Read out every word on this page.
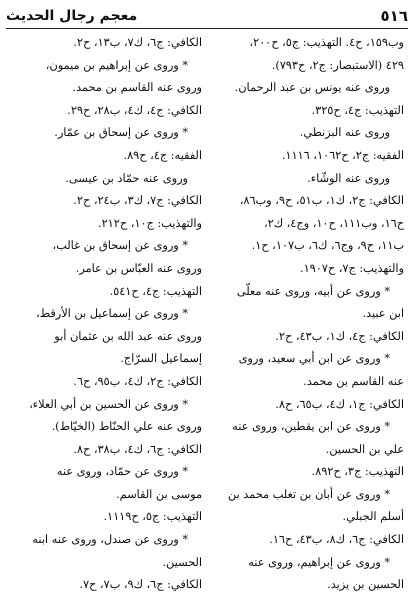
٥١٦
معجم رجال الحديث
وب١٥٩، ح٤. التهذيب: ج٥، ح٢٠٠،
٤٢٩ (الاستبصار: ج٢، ح٧٩٣).
وروى عنه يونس بن عبد الرحمان.
التهذيب: ج٤، ح٣٢٥.
وروى عنه البزنطي.
الفقيه: ج٢، ح١٠٦٢، ١١١٦.
وروى عنه الوشّاء.
الكافي: ج٢، ك١، ب٥١، ح٩، وب٨٦،
ح١٦، وب١١١، ح١٠، وج٤، ك٢،
ب١١، ح٩، وج٦، ك٦، ب١٠٧، ح١.
والتهذيب: ج٧، ح١٩٠٧.
* وروى عن أبيه، وروى عنه معلّى
ابن عبيد.
الكافي: ج٤، ك١، ب٤٣، ح٢.
* وروى عن ابن أبي سعيد، وروى
عنه القاسم بن محمد.
الكافي: ج١، ك٤، ب٦٥، ح٨.
* وروى عن ابن يقطين، وروى عنه
علي بن الحسين.
التهذيب: ج٣، ح٨٩٢.
* وروى عن أبان بن تغلب محمد بن
أسلم الجبلي.
الكافي: ج٦، ك٨، ب٤٣، ح١٦.
* وروى عن إبراهيم، وروى عنه
الحسين بن يزيد.
الكافي: ج٦، ك٧، ب١٣، ح٢.
* وروى عن إبراهيم بن ميمون،
وروى عنه القاسم بن محمد.
الكافي: ج٤، ك٤، ب٢٨، ح٢٩.
* وروى عن إسحاق بن عمّار.
الفقيه: ج٤، ح٨٩.
وروى عنه حمّاد بن عيسى.
الكافي: ج٧، ك٣، ب٢٤، ح٢.
والتهذيب: ج١٠، ح٢١٢.
* وروى عن إسحاق بن غالب،
وروى عنه العبّاس بن عامر.
التهذيب: ج٤، ح٥٤١.
* وروى عن إسماعيل بن الأرقط،
وروى عنه عبد الله بن عثمان أبو
إسماعيل السرّاج.
الكافي: ج٢، ك٤، ب٩٥، ح٦.
* وروى عن الحسين بن أبي العلاء،
وروى عنه علي الحنّاط (الخيّاط).
الكافي: ج٦، ك٤، ب٣٨، ح٨.
* وروى عن حمّاد، وروى عنه
موسى بن القاسم.
التهذيب: ج٥، ح١١١٩.
* وروى عن صندل، وروى عنه ابنه
الحسين.
الكافي: ج٦، ك٩، ب٧، ح٧.
